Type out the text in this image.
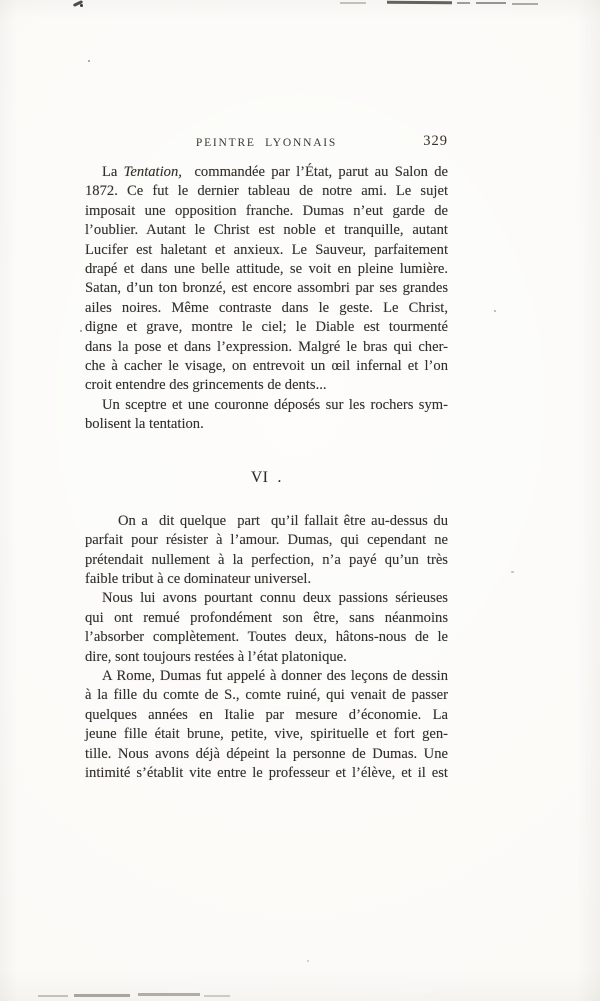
PEINTRE  LYONNAIS	329
La Tentation,  commandée par l’État, parut au Salon de
1872. Ce fut le dernier tableau de notre ami. Le sujet
imposait une opposition franche. Dumas n’eut garde de
l’oublier. Autant le Christ est noble et tranquille, autant
Lucifer est haletant et anxieux. Le Sauveur, parfaitement
drapé et dans une belle attitude, se voit en pleine lumière.
Satan, d’un ton bronzé, est encore assombri par ses grandes
ailes noires. Même contraste dans le geste. Le Christ,
digne et grave, montre le ciel; le Diable est tourmenté
dans la pose et dans l’expression. Malgré le bras qui cher-
che à cacher le visage, on entrevoit un œil infernal et l’on
croit entendre des grincements de dents...
Un sceptre et une couronne déposés sur les rochers sym-
bolisent la tentation.
VI  .
On a  dit quelque  part  qu’il fallait être au-dessus du
parfait pour résister à l’amour. Dumas, qui cependant ne
prétendait nullement à la perfection, n’a payé qu’un très
faible tribut à ce dominateur universel.
Nous lui avons pourtant connu deux passions sérieuses
qui ont remué profondément son être, sans néanmoins
l’absorber complètement. Toutes deux, hâtons-nous de le
dire, sont toujours restées à l’état platonique.
A Rome, Dumas fut appelé à donner des leçons de dessin
à la fille du comte de S., comte ruiné, qui venait de passer
quelques années en Italie par mesure d’économie. La
jeune fille était brune, petite, vive, spirituelle et fort gen-
tille. Nous avons déjà dépeint la personne de Dumas. Une
intimité s’établit vite entre le professeur et l’élève, et il est
